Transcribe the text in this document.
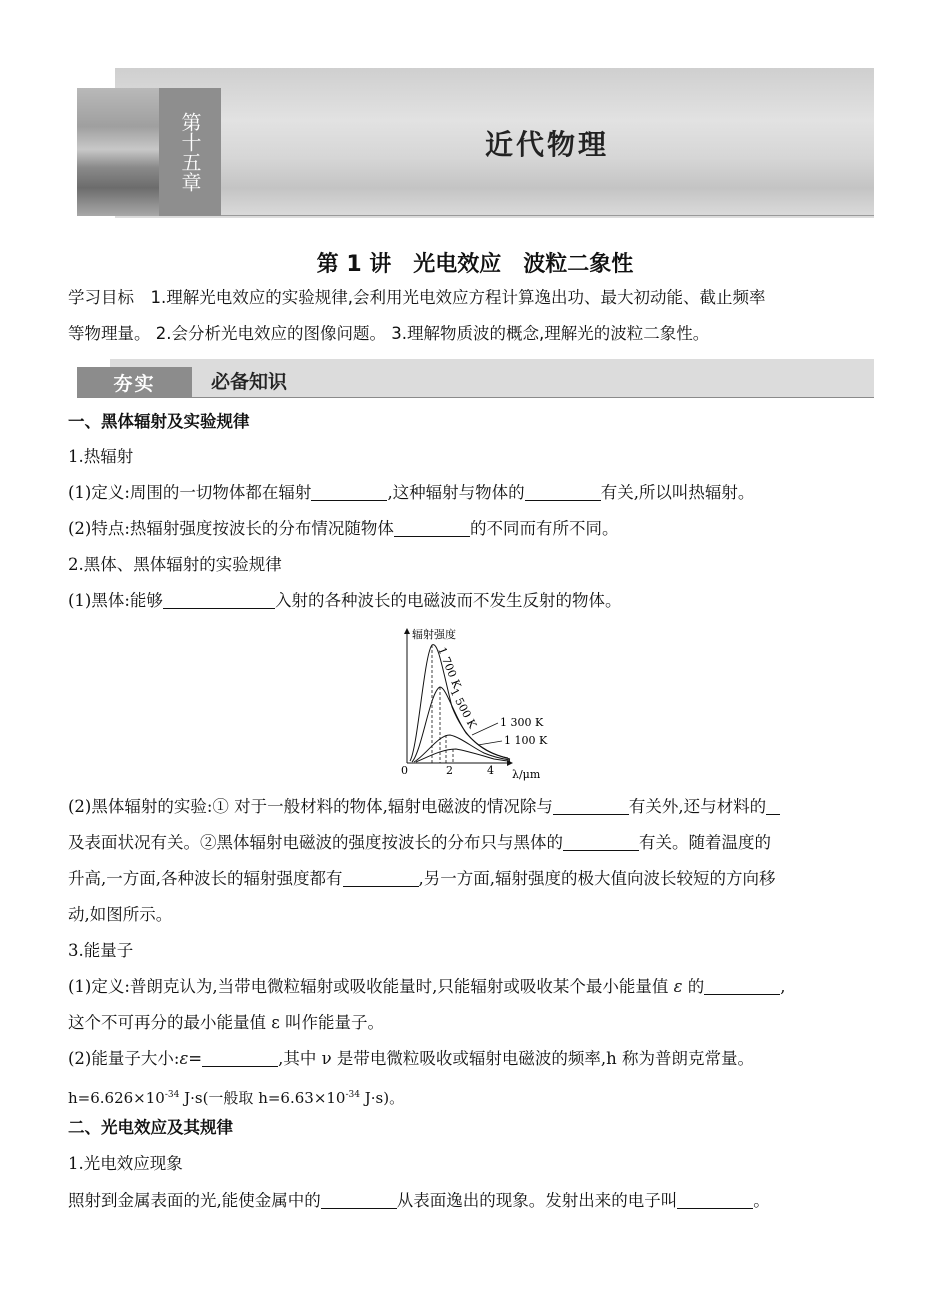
第十五章	近代物理
第 1 讲　光电效应　波粒二象性
学习目标　1.理解光电效应的实验规律,会利用光电效应方程计算逸出功、最大初动能、截止频率
等物理量。 2.会分析光电效应的图像问题。 3.理解物质波的概念,理解光的波粒二象性。
夯实	必备知识
一、黑体辐射及实验规律
1.热辐射
(1)定义:周围的一切物体都在辐射	,这种辐射与物体的	有关,所以叫热辐射。
(2)特点:热辐射强度按波长的分布情况随物体	的不同而有所不同。
2.黑体、黑体辐射的实验规律
(1)黑体:能够	入射的各种波长的电磁波而不发生反射的物体。
辐射强度
λ/μm
0	2	4
1 700 K
1 500 K 1 300 K
1 100 K
(2)黑体辐射的实验:① 对于一般材料的物体,辐射电磁波的情况除与	有关外,还与材料的
及表面状况有关。②黑体辐射电磁波的强度按波长的分布只与黑体的	有关。随着温度的
升高,一方面,各种波长的辐射强度都有	,另一方面,辐射强度的极大值向波长较短的方向移
动,如图所示。
3.能量子
(1)定义:普朗克认为,当带电微粒辐射或吸收能量时,只能辐射或吸收某个最小能量值 ε 的	,
这个不可再分的最小能量值 ε 叫作能量子。
(2)能量子大小:ε=	,其中 ν 是带电微粒吸收或辐射电磁波的频率,h 称为普朗克常量。
$h=6.626\times 10^{-34}$ J·s(一般取 $h=6.63\times 10^{-34}$ J·s)。
二、光电效应及其规律
1.光电效应现象
照射到金属表面的光,能使金属中的	从表面逸出的现象。发射出来的电子叫	。
